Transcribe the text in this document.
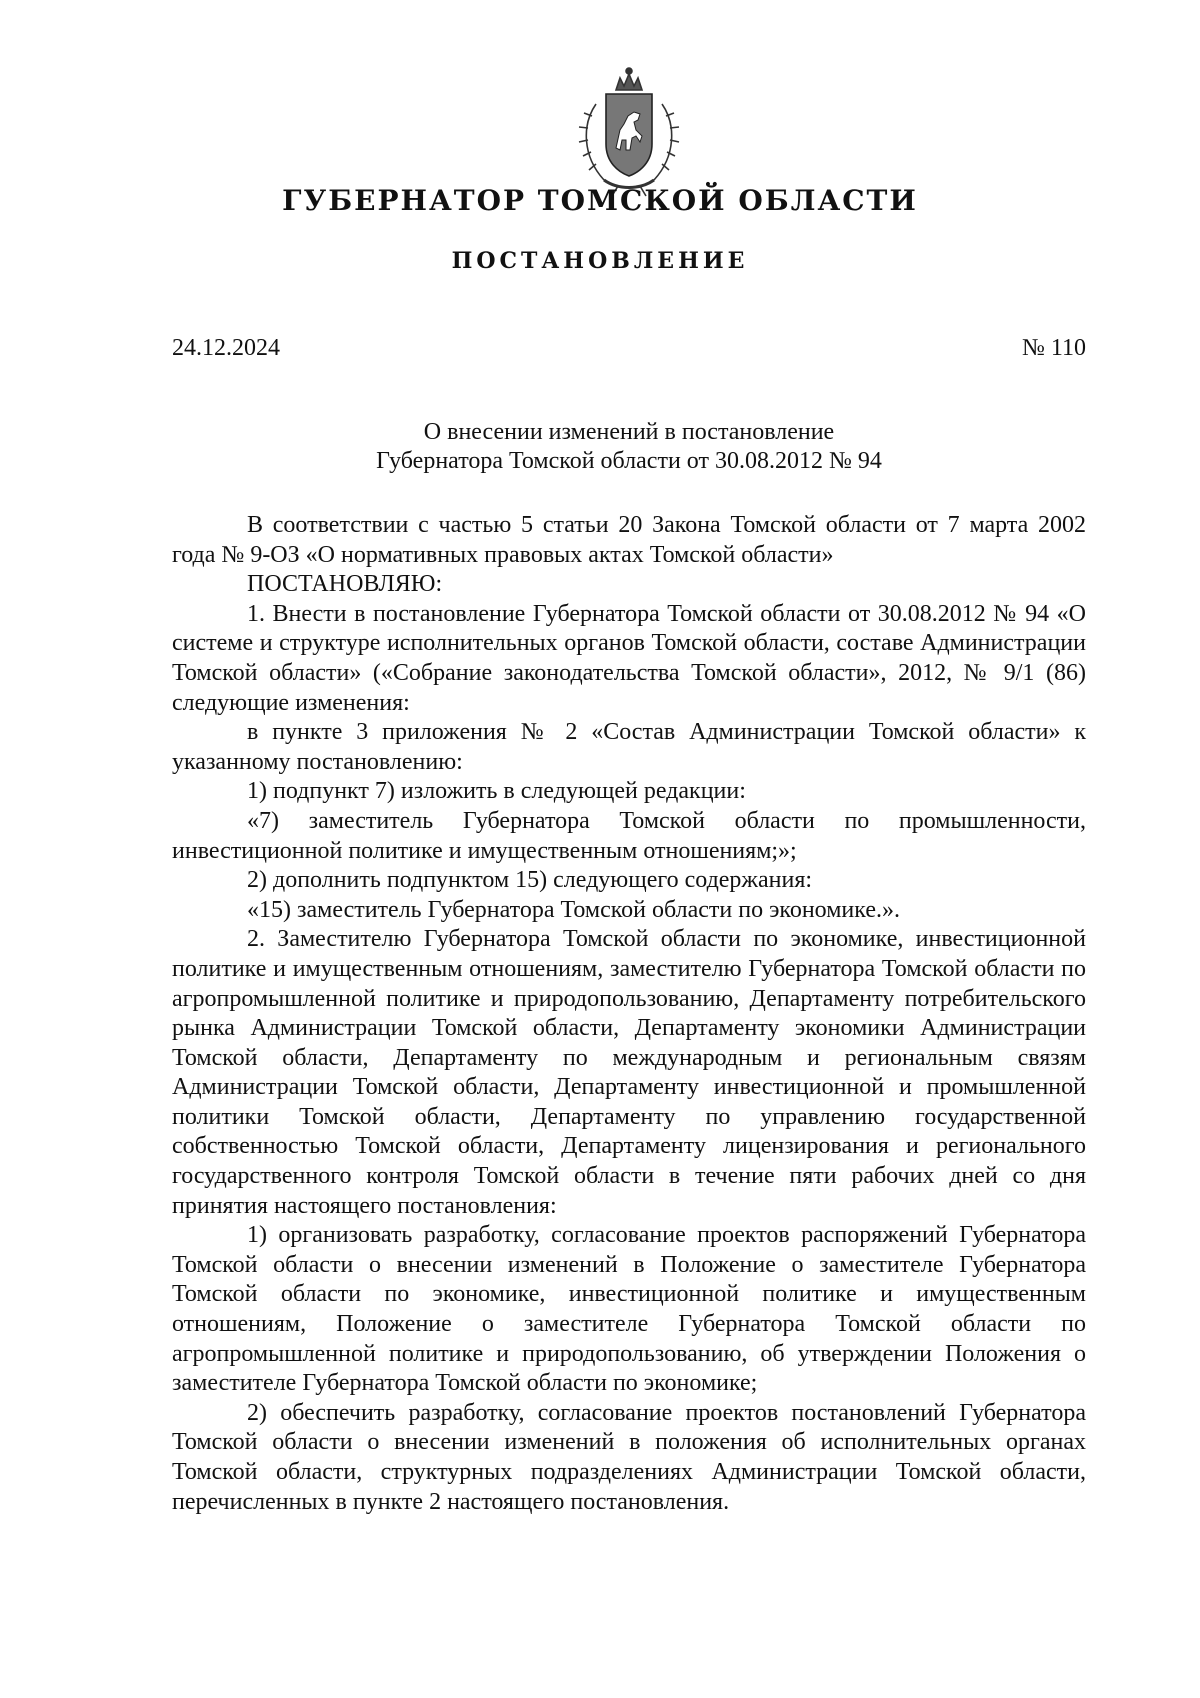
ГУБЕРНАТОР ТОМСКОЙ ОБЛАСТИ
ПОСТАНОВЛЕНИЕ
24.12.2024	№ 110
О внесении изменений в постановление
Губернатора Томской области от 30.08.2012 № 94

В соответствии с частью 5 статьи 20 Закона Томской области от 7 марта 2002 года № 9-ОЗ «О нормативных правовых актах Томской области»

ПОСТАНОВЛЯЮ:

1. Внести в постановление Губернатора Томской области от 30.08.2012 № 94 «О системе и структуре исполнительных органов Томской области, составе Администрации Томской области» («Собрание законодательства Томской области», 2012, № 9/1 (86) следующие изменения:

в пункте 3 приложения № 2 «Состав Администрации Томской области» к указанному постановлению:

1) подпункт 7) изложить в следующей редакции:

«7) заместитель Губернатора Томской области по промышленности, инвестиционной политике и имущественным отношениям;»;

2) дополнить подпунктом 15) следующего содержания:

«15) заместитель Губернатора Томской области по экономике.».

2. Заместителю Губернатора Томской области по экономике, инвестиционной политике и имущественным отношениям, заместителю Губернатора Томской области по агропромышленной политике и природопользованию, Департаменту потребительского рынка Администрации Томской области, Департаменту экономики Администрации Томской области, Департаменту по международным и региональным связям Администрации Томской области, Департаменту инвестиционной и промышленной политики Томской области, Департаменту по управлению государственной собственностью Томской области, Департаменту лицензирования и регионального государственного контроля Томской области в течение пяти рабочих дней со дня принятия настоящего постановления:

1) организовать разработку, согласование проектов распоряжений Губернатора Томской области о внесении изменений в Положение о заместителе Губернатора Томской области по экономике, инвестиционной политике и имущественным отношениям, Положение о заместителе Губернатора Томской области по агропромышленной политике и природопользованию, об утверждении Положения о заместителе Губернатора Томской области по экономике;

2) обеспечить разработку, согласование проектов постановлений Губернатора Томской области о внесении изменений в положения об исполнительных органах Томской области, структурных подразделениях Администрации Томской области, перечисленных в пункте 2 настоящего постановления.
